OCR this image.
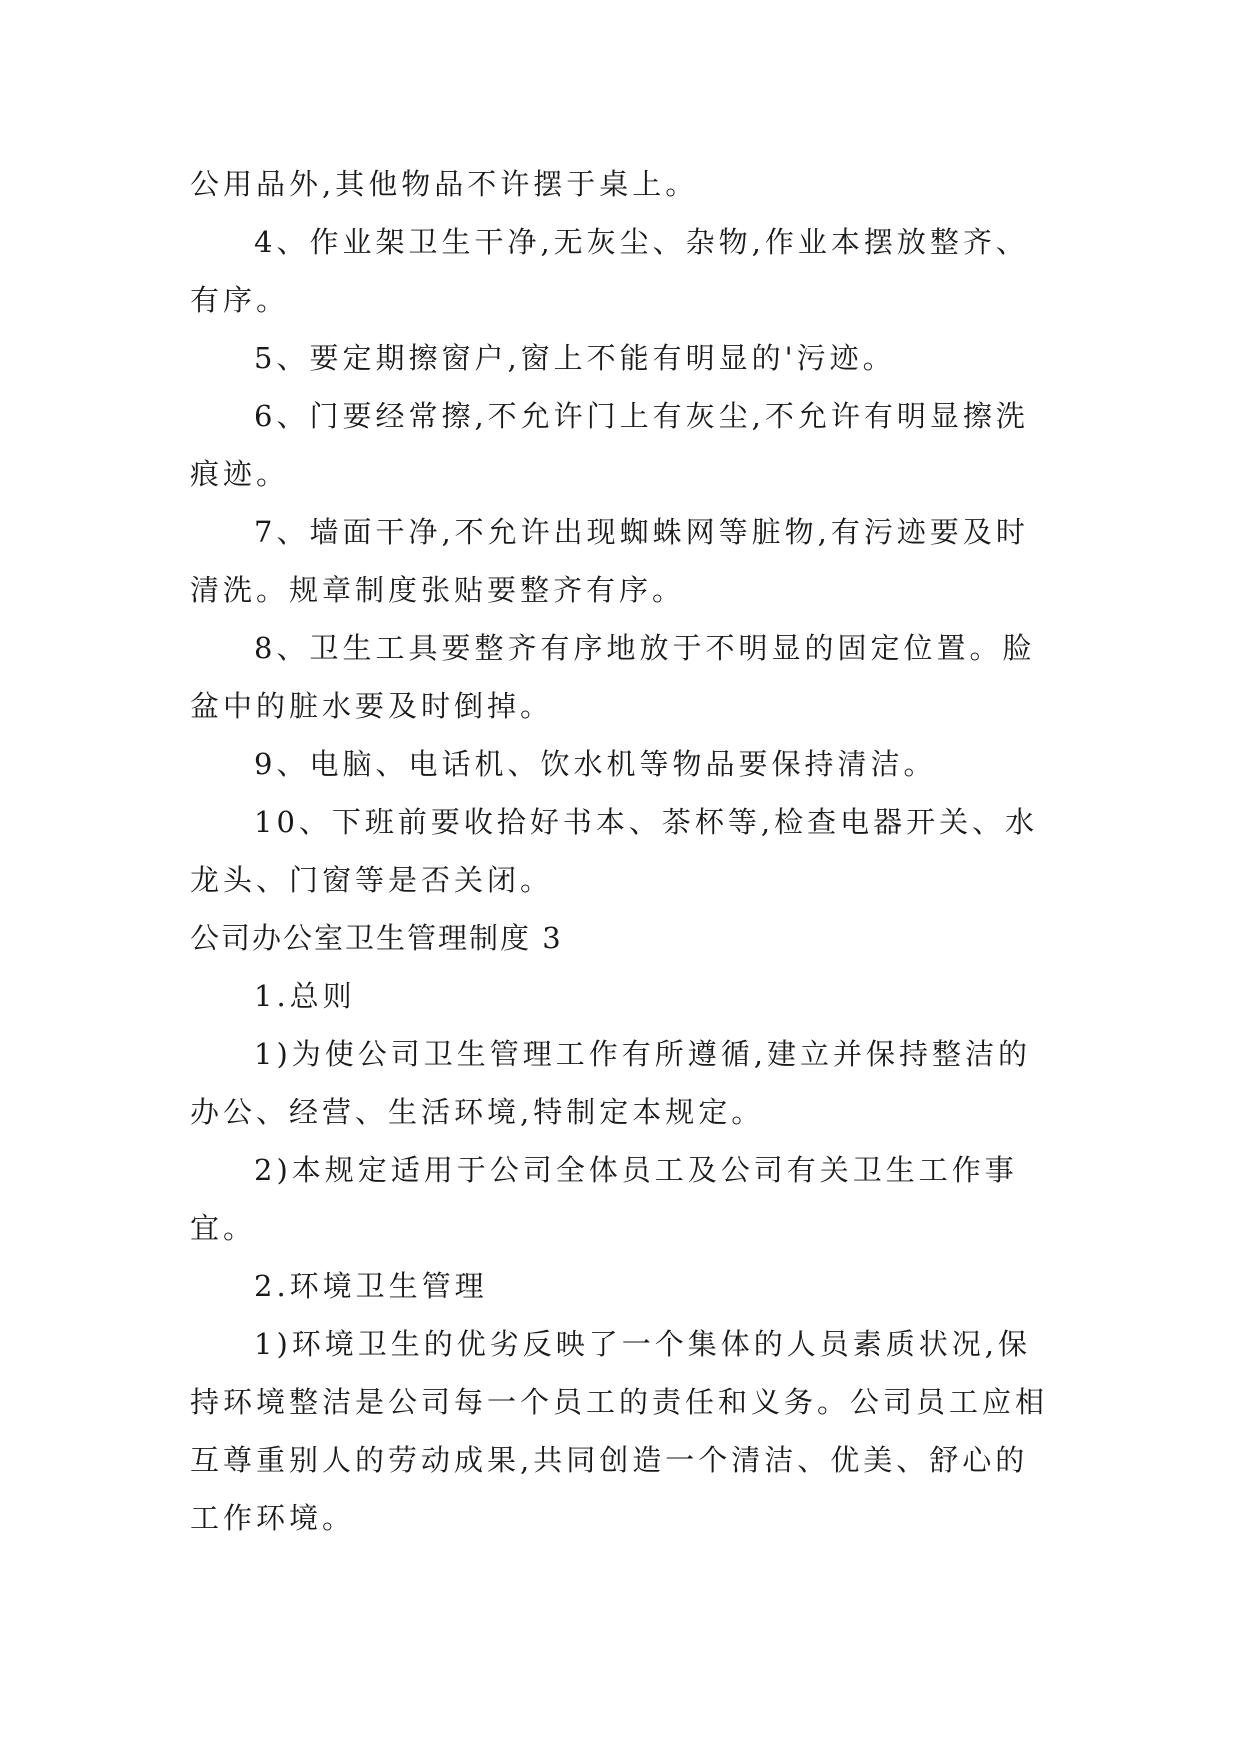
公用品外,其他物品不许摆于桌上。
4、作业架卫生干净,无灰尘、杂物,作业本摆放整齐、
有序。
5、要定期擦窗户,窗上不能有明显的'污迹。
6、门要经常擦,不允许门上有灰尘,不允许有明显擦洗
痕迹。
7、墙面干净,不允许出现蜘蛛网等脏物,有污迹要及时
清洗。规章制度张贴要整齐有序。
8、卫生工具要整齐有序地放于不明显的固定位置。脸
盆中的脏水要及时倒掉。
9、电脑、电话机、饮水机等物品要保持清洁。
10、下班前要收拾好书本、茶杯等,检查电器开关、水
龙头、门窗等是否关闭。
公司办公室卫生管理制度 3
1.总则
1)为使公司卫生管理工作有所遵循,建立并保持整洁的
办公、经营、生活环境,特制定本规定。
2)本规定适用于公司全体员工及公司有关卫生工作事
宜。
2.环境卫生管理
1)环境卫生的优劣反映了一个集体的人员素质状况,保
持环境整洁是公司每一个员工的责任和义务。公司员工应相
互尊重别人的劳动成果,共同创造一个清洁、优美、舒心的
工作环境。
